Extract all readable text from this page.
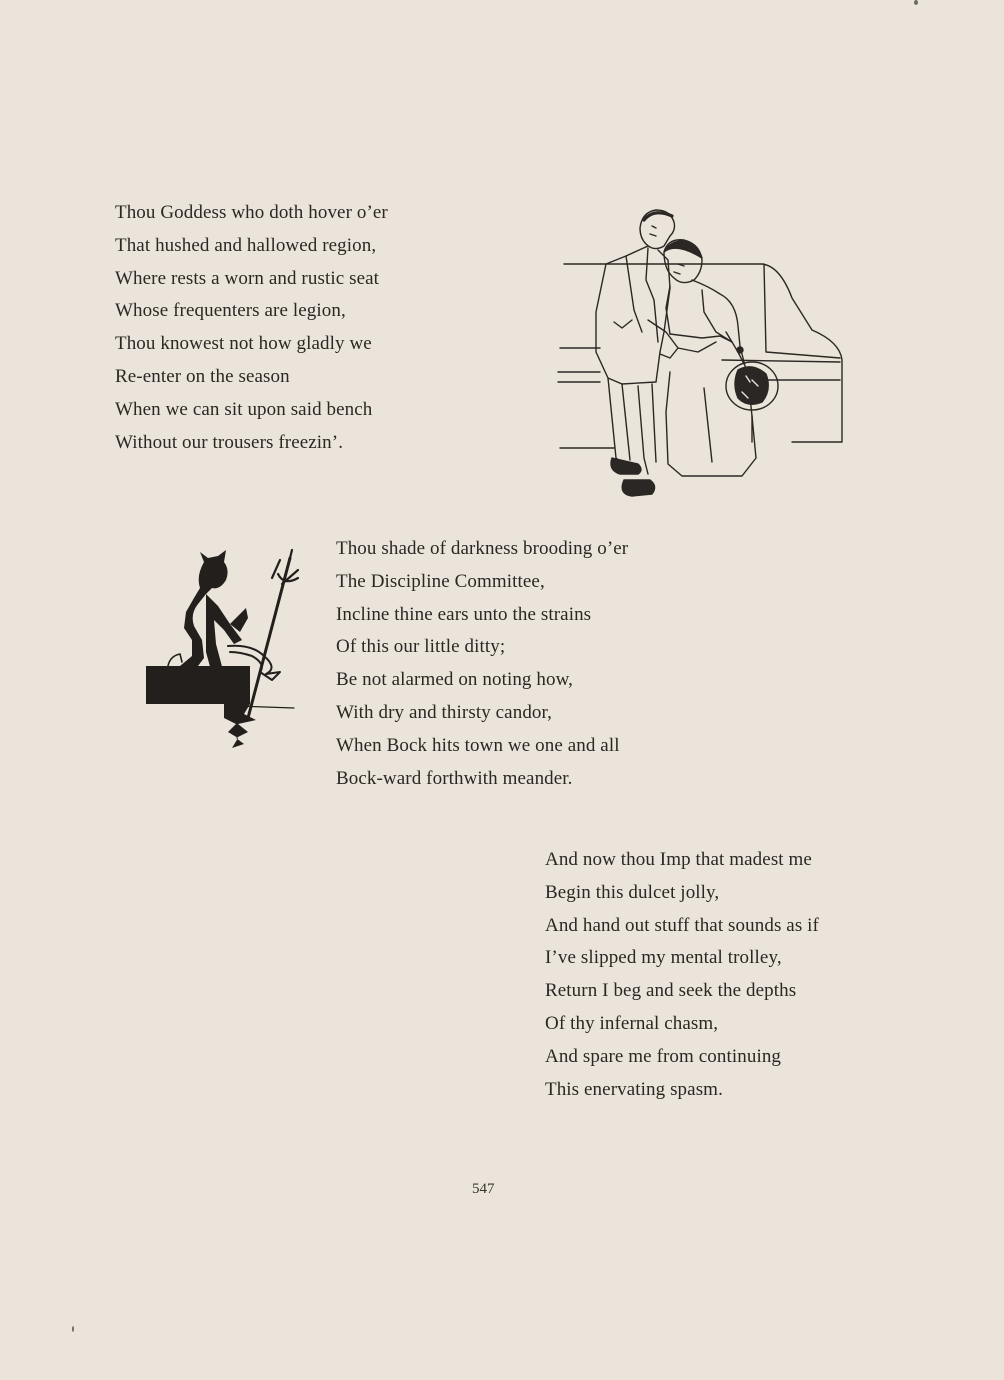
Thou Goddess who doth hover o’er
That hushed and hallowed region,
Where rests a worn and rustic seat
Whose frequenters are legion,
Thou knowest not how gladly we
Re-enter on the season
When we can sit upon said bench
Without our trousers freezin’.
Thou shade of darkness brooding o’er
The Discipline Committee,
Incline thine ears unto the strains
Of this our little ditty;
Be not alarmed on noting how,
With dry and thirsty candor,
When Bock hits town we one and all
Bock-ward forthwith meander.
And now thou Imp that madest me
Begin this dulcet jolly,
And hand out stuff that sounds as if
I’ve slipped my mental trolley,
Return I beg and seek the depths
Of thy infernal chasm,
And spare me from continuing
This enervating spasm.
547
